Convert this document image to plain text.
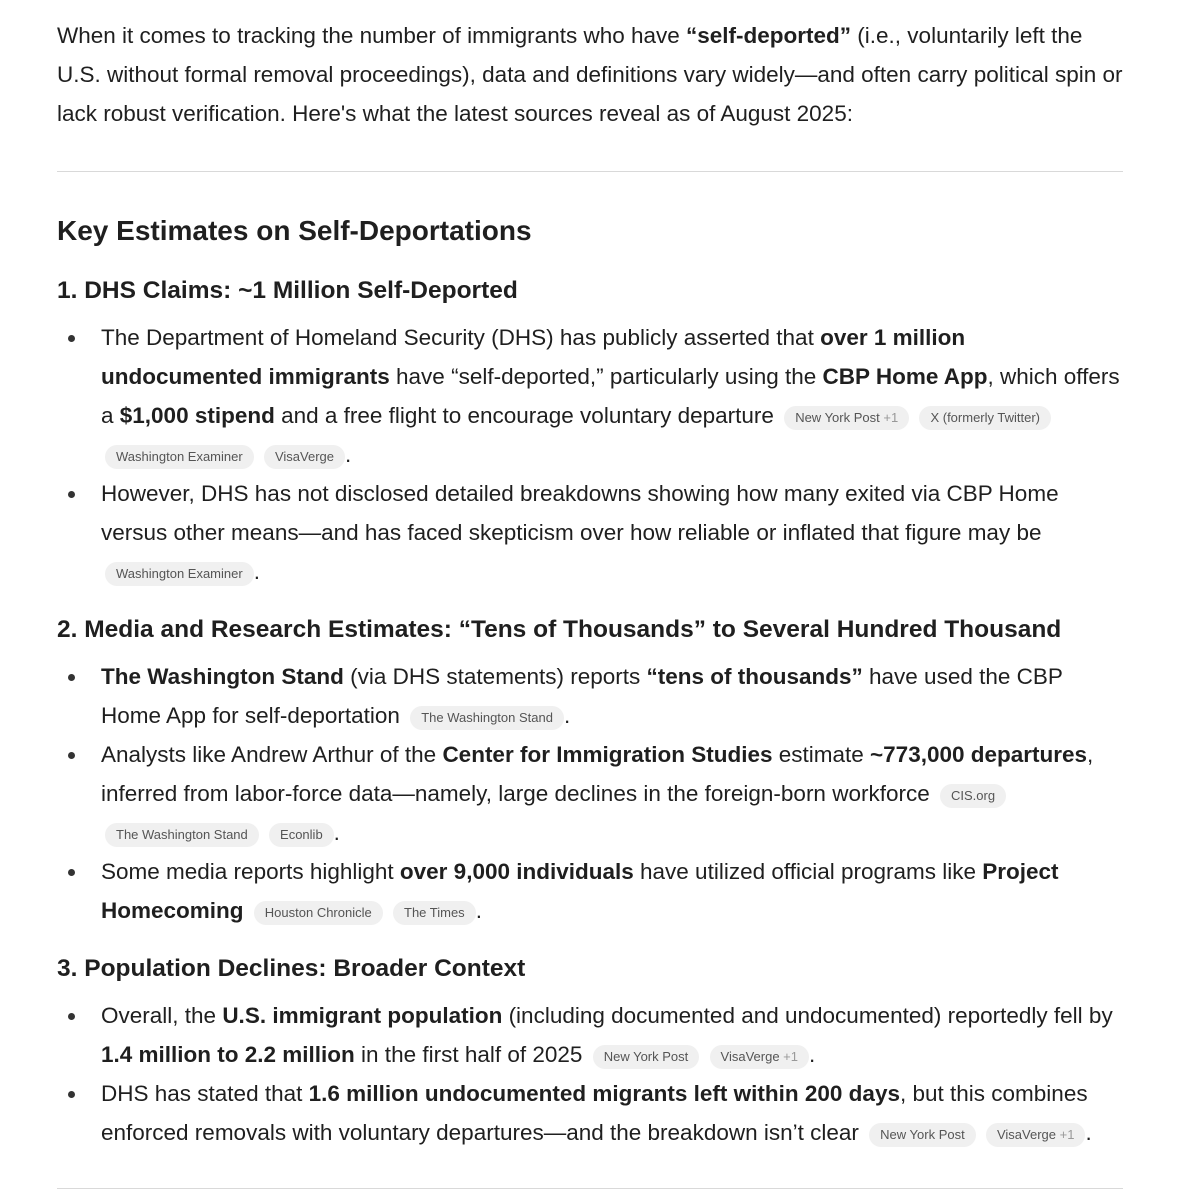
When it comes to tracking the number of immigrants who have “self-deported” (i.e., voluntarily left the U.S. without formal removal proceedings), data and definitions vary widely—and often carry political spin or lack robust verification. Here's what the latest sources reveal as of August 2025:

Key Estimates on Self-Deportations
1. DHS Claims: ~1 Million Self-Deported
The Department of Homeland Security (DHS) has publicly asserted that over 1 million undocumented immigrants have “self-deported,” particularly using the CBP Home App, which offers a $1,000 stipend and a free flight to encourage voluntary departure New York Post +1 X (formerly Twitter) Washington Examiner VisaVerge .
However, DHS has not disclosed detailed breakdowns showing how many exited via CBP Home versus other means—and has faced skepticism over how reliable or inflated that figure may be Washington Examiner .
2. Media and Research Estimates: “Tens of Thousands” to Several Hundred Thousand
The Washington Stand (via DHS statements) reports “tens of thousands” have used the CBP Home App for self-deportation The Washington Stand .
Analysts like Andrew Arthur of the Center for Immigration Studies estimate ~773,000 departures, inferred from labor-force data—namely, large declines in the foreign-born workforce CIS.org The Washington Stand Econlib .
Some media reports highlight over 9,000 individuals have utilized official programs like Project Homecoming Houston Chronicle The Times .
3. Population Declines: Broader Context
Overall, the U.S. immigrant population (including documented and undocumented) reportedly fell by 1.4 million to 2.2 million in the first half of 2025 New York Post VisaVerge +1 .
DHS has stated that 1.6 million undocumented migrants left within 200 days, but this combines enforced removals with voluntary departures—and the breakdown isn’t clear New York Post VisaVerge +1 .
